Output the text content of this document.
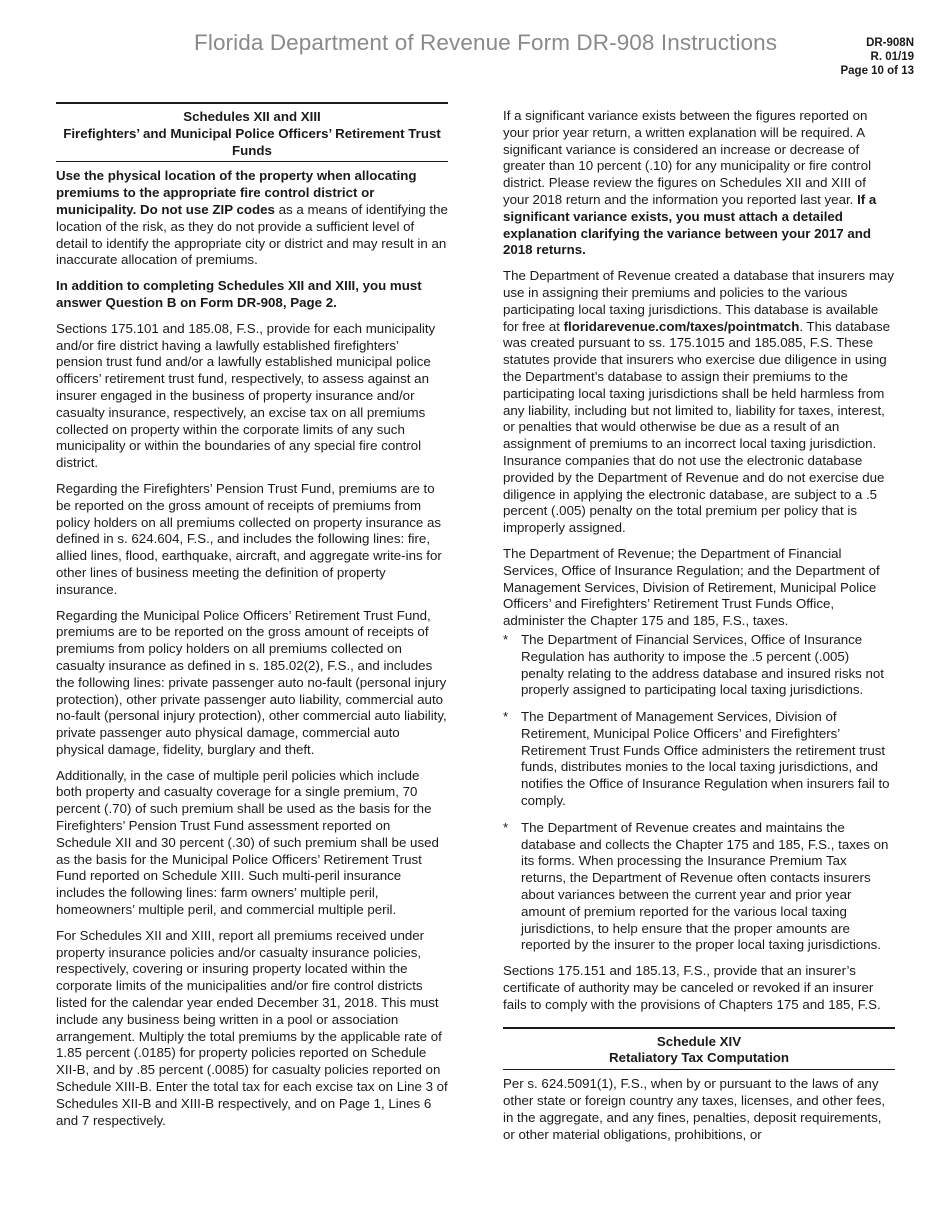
Florida Department of Revenue Form DR-908 Instructions	DR-908N
R. 01/19
Page 10 of 13
Schedules XII and XIII
Firefighters’ and Municipal Police Officers’ Retirement Trust Funds

Use the physical location of the property when allocating premiums to the appropriate fire control district or municipality. Do not use ZIP codes as a means of identifying the location of the risk, as they do not provide a sufficient level of detail to identify the appropriate city or district and may result in an inaccurate allocation of premiums.

In addition to completing Schedules XII and XIII, you must answer Question B on Form DR-908, Page 2.

Sections 175.101 and 185.08, F.S., provide for each municipality and/or fire district having a lawfully established firefighters’ pension trust fund and/or a lawfully established municipal police officers’ retirement trust fund, respectively, to assess against an insurer engaged in the business of property insurance and/or casualty insurance, respectively, an excise tax on all premiums collected on property within the corporate limits of any such municipality or within the boundaries of any special fire control district.

Regarding the Firefighters’ Pension Trust Fund, premiums are to be reported on the gross amount of receipts of premiums from policy holders on all premiums collected on property insurance as defined in s. 624.604, F.S., and includes the following lines: fire, allied lines, flood, earthquake, aircraft, and aggregate write-ins for other lines of business meeting the definition of property insurance.

Regarding the Municipal Police Officers’ Retirement Trust Fund, premiums are to be reported on the gross amount of receipts of premiums from policy holders on all premiums collected on casualty insurance as defined in s. 185.02(2), F.S., and includes the following lines: private passenger auto no-fault (personal injury protection), other private passenger auto liability, commercial auto no-fault (personal injury protection), other commercial auto liability, private passenger auto physical damage, commercial auto physical damage, fidelity, burglary and theft.

Additionally, in the case of multiple peril policies which include both property and casualty coverage for a single premium, 70 percent (.70) of such premium shall be used as the basis for the Firefighters’ Pension Trust Fund assessment reported on Schedule XII and 30 percent (.30) of such premium shall be used as the basis for the Municipal Police Officers’ Retirement Trust Fund reported on Schedule XIII. Such multi-peril insurance includes the following lines: farm owners’ multiple peril, homeowners’ multiple peril, and commercial multiple peril.

For Schedules XII and XIII, report all premiums received under property insurance policies and/or casualty insurance policies, respectively, covering or insuring property located within the corporate limits of the municipalities and/or fire control districts listed for the calendar year ended December 31, 2018. This must include any business being written in a pool or association arrangement. Multiply the total premiums by the applicable rate of 1.85 percent (.0185) for property policies reported on Schedule XII-B, and by .85 percent (.0085) for casualty policies reported on Schedule XIII-B. Enter the total tax for each excise tax on Line 3 of Schedules XII-B and XIII-B respectively, and on Page 1, Lines 6 and 7 respectively.

If a significant variance exists between the figures reported on your prior year return, a written explanation will be required. A significant variance is considered an increase or decrease of greater than 10 percent (.10) for any municipality or fire control district. Please review the figures on Schedules XII and XIII of your 2018 return and the information you reported last year. If a significant variance exists, you must attach a detailed explanation clarifying the variance between your 2017 and 2018 returns.

The Department of Revenue created a database that insurers may use in assigning their premiums and policies to the various participating local taxing jurisdictions. This database is available for free at floridarevenue.com/taxes/pointmatch. This database was created pursuant to ss. 175.1015 and 185.085, F.S. These statutes provide that insurers who exercise due diligence in using the Department’s database to assign their premiums to the participating local taxing jurisdictions shall be held harmless from any liability, including but not limited to, liability for taxes, interest, or penalties that would otherwise be due as a result of an assignment of premiums to an incorrect local taxing jurisdiction. Insurance companies that do not use the electronic database provided by the Department of Revenue and do not exercise due diligence in applying the electronic database, are subject to a .5 percent (.005) penalty on the total premium per policy that is improperly assigned.

The Department of Revenue; the Department of Financial Services, Office of Insurance Regulation; and the Department of Management Services, Division of Retirement, Municipal Police Officers’ and Firefighters’ Retirement Trust Funds Office, administer the Chapter 175 and 185, F.S., taxes.

* The Department of Financial Services, Office of Insurance Regulation has authority to impose the .5 percent (.005) penalty relating to the address database and insured risks not properly assigned to participating local taxing jurisdictions.
* The Department of Management Services, Division of Retirement, Municipal Police Officers’ and Firefighters’ Retirement Trust Funds Office administers the retirement trust funds, distributes monies to the local taxing jurisdictions, and notifies the Office of Insurance Regulation when insurers fail to comply.
* The Department of Revenue creates and maintains the database and collects the Chapter 175 and 185, F.S., taxes on its forms. When processing the Insurance Premium Tax returns, the Department of Revenue often contacts insurers about variances between the current year and prior year amount of premium reported for the various local taxing jurisdictions, to help ensure that the proper amounts are reported by the insurer to the proper local taxing jurisdictions.

Sections 175.151 and 185.13, F.S., provide that an insurer’s certificate of authority may be canceled or revoked if an insurer fails to comply with the provisions of Chapters 175 and 185, F.S.

Schedule XIV
Retaliatory Tax Computation

Per s. 624.5091(1), F.S., when by or pursuant to the laws of any other state or foreign country any taxes, licenses, and other fees, in the aggregate, and any fines, penalties, deposit requirements, or other material obligations, prohibitions, or
